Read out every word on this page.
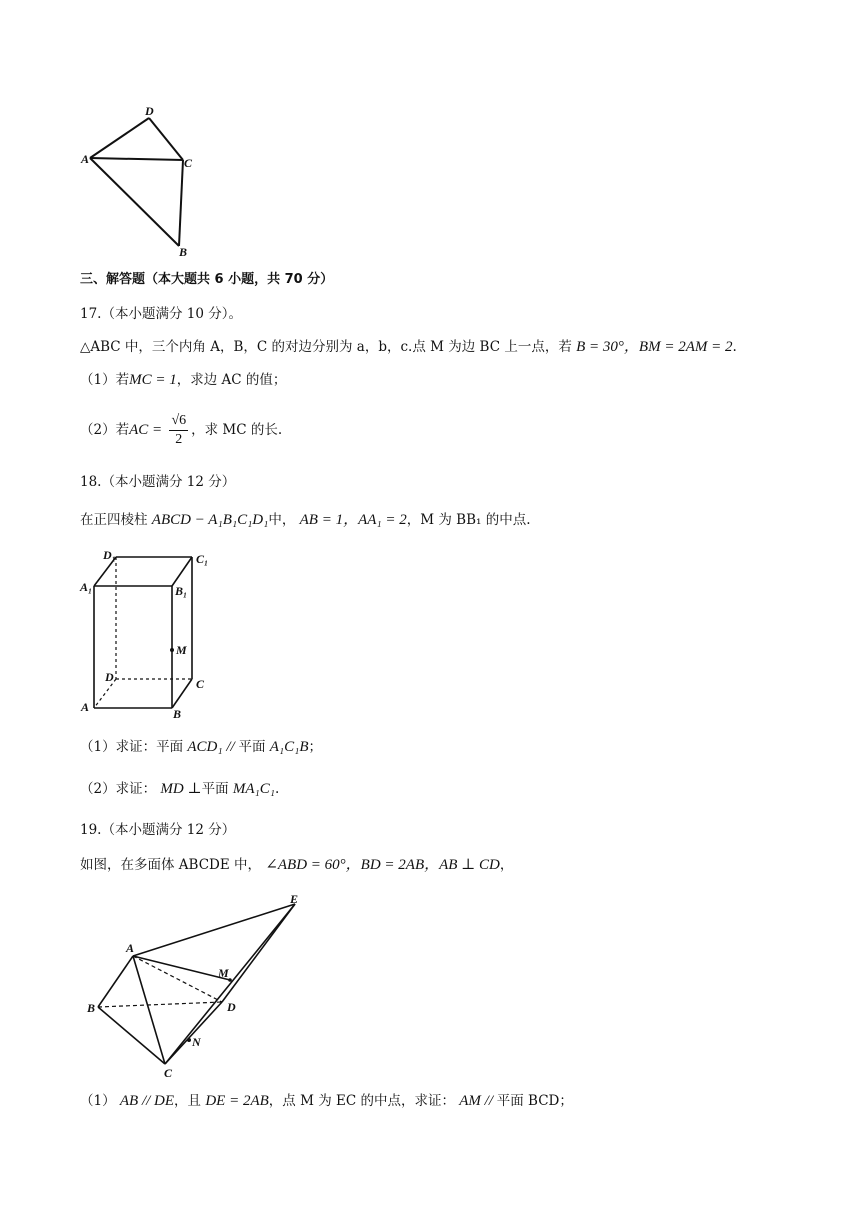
D
A	C
B
三、解答题（本大题共 6 小题，共 70 分）
17.（本小题满分 10 分）。
△ABC 中，三个内角 A，B，C 的对边分别为 a，b，c.点 M 为边 BC 上一点，若 B = 30°，BM = 2AM = 2.
（1）若MC = 1，求边 AC 的值；
（2）若AC = $\frac{√6}{2}$ ，求 MC 的长.
18.（本小题满分 12 分）
在正四棱柱 ABCD − A₁B₁C₁D₁中， AB = 1，AA₁ = 2，M 为 BB₁ 的中点.
D₁	C₁
A₁	B₁
M
D	C
A	B
（1）求证：平面 ACD₁ // 平面 A₁C₁B；
（2）求证： MD ⊥平面 MA₁C₁.
19.（本小题满分 12 分）
如图，在多面体 ABCDE 中， ∠ABD = 60°，BD = 2AB，AB ⊥ CD，
E
A
M
B	D
N
C
（1） AB // DE，且 DE = 2AB，点 M 为 EC 的中点，求证： AM // 平面 BCD；
